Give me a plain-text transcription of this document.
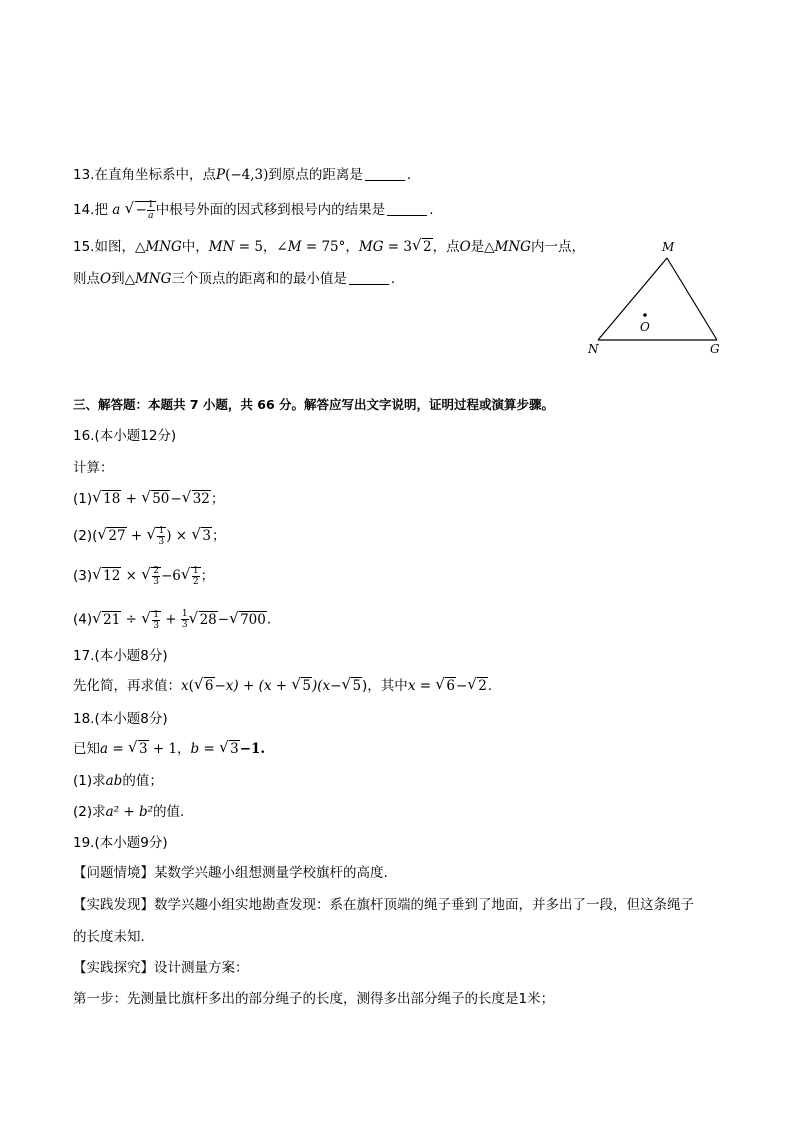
13.在直角坐标系中，点P(−4,3)到原点的距离是	.
14.把 a √ − $\frac{1}{a}$ 中根号外面的因式移到根号内的结果是	.
15.如图，△MNG中，MN = 5，∠M = 75°，MG = 3 √ 2，点O是△MNG内一点，
则点O到△MNG三个顶点的距离和的最小值是	.
M
N	G
O
三、解答题：本题共 7 小题，共 66 分。解答应写出文字说明，证明过程或演算步骤。
16.(本小题12分)
计算：
(1) √ 18 + √ 50− √ 32；
(2)( √ 27 + √ $\frac{1}{3}$ ) × √ 3；
(3) √ 12 × √ $\frac{2}{3} -6$ √ $\frac{1}{2}$ ；
(4) √ 21 ÷ √ $\frac{1}{3} + \frac{1}{3}$ √ 28− √ 700.
17.(本小题8分)
先化简，再求值：x( √ 6−x) + (x + √ 5)(x− √ 5)，其中x = √ 6− √ 2.
18.(本小题8分)
已知a = √ 3 + 1，b = √ 3−1.
(1)求ab的值；
(2)求a² + b²的值.
19.(本小题9分)
【问题情境】某数学兴趣小组想测量学校旗杆的高度.
【实践发现】数学兴趣小组实地勘查发现：系在旗杆顶端的绳子垂到了地面，并多出了一段，但这条绳子
的长度未知.
【实践探究】设计测量方案：
第一步：先测量比旗杆多出的部分绳子的长度，测得多出部分绳子的长度是1米；
